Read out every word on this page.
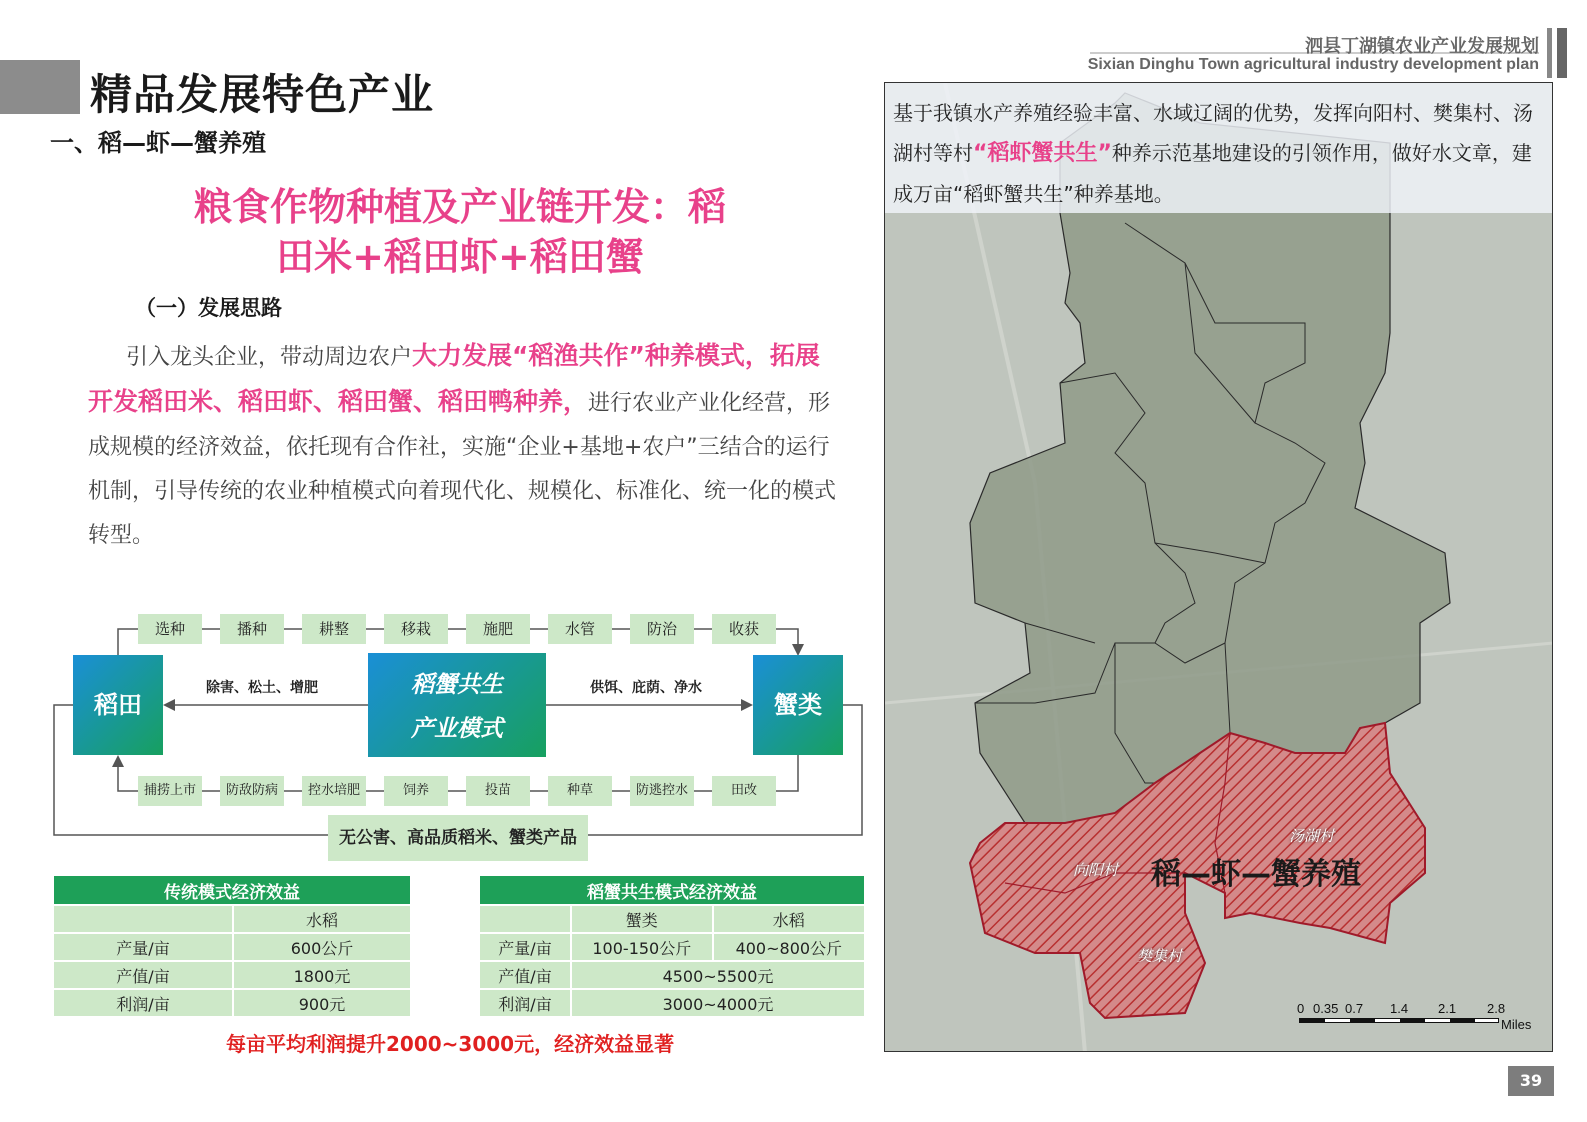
精品发展特色产业
泗县丁湖镇农业产业发展规划
Sixian Dinghu Town agricultural industry development plan
一、稻—虾—蟹养殖
粮食作物种植及产业链开发：稻
田米+稻田虾+稻田蟹
（一）发展思路
引入龙头企业，带动周边农户大力发展“稻渔共作”种养模式，拓展开发稻田米、稻田虾、稻田蟹、稻田鸭种养，进行农业产业化经营，形成规模的经济效益，依托现有合作社，实施“企业+基地+农户”三结合的运行机制，引导传统的农业种植模式向着现代化、规模化、标准化、统一化的模式转型。
选种	播种	耕整	移栽	施肥	水管	防治	收获
稻田
稻蟹共生
产业模式
蟹类
除害、松土、增肥	供饵、庇荫、净水
捕捞上市	防敌防病	控水培肥	饲养	投苗	种草	防逃控水	田改
无公害、高品质稻米、蟹类产品
传统模式经济效益	
	水稻
产量/亩	600公斤
产值/亩	1800元
利润/亩	900元
稻蟹共生模式经济效益		
	蟹类	水稻
产量/亩	100-150公斤	400~800公斤
产值/亩	4500~5500元	
利润/亩	3000~4000元	
每亩平均利润提升2000~3000元，经济效益显著
基于我镇水产养殖经验丰富、水域辽阔的优势，发挥向阳村、樊集村、汤湖村等村“稻虾蟹共生”种养示范基地建设的引领作用，做好水文章，建成万亩“稻虾蟹共生”种养基地。
向阳村
汤湖村
樊集村
稻—虾—蟹养殖
0 0.35 0.7 1.4 2.1 2.8
Miles
39
